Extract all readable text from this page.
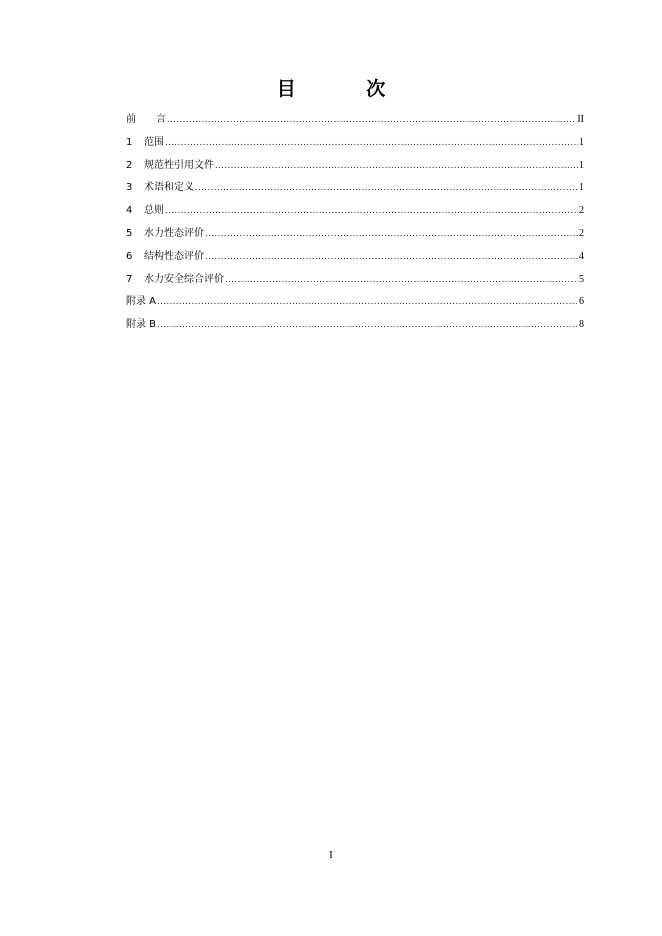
目 次
前言 .....	II
1	范围 .....	1
2	规范性引用文件 .....	1
3	术语和定义 .....	1
4	总则 .....	2
5	水力性态评价 .....	2
6	结构性态评价 .....	4
7	水力安全综合评价 .....	5
附录 A .....	6
附录 B .....	8
I
